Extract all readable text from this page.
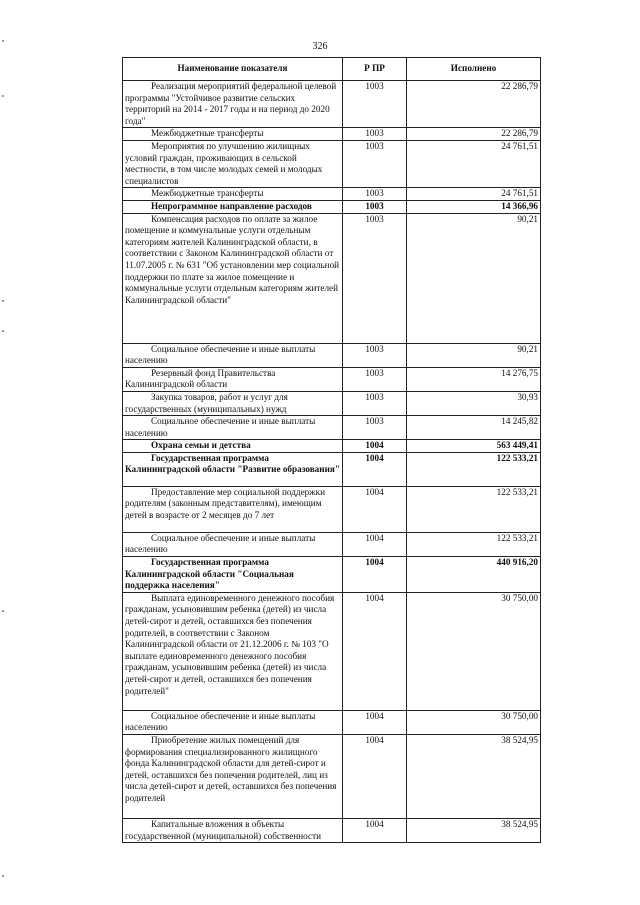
326
Наименование показателя	Р ПР	Исполнено
Реализация мероприятий федеральной целевой программы "Устойчивое развитие сельских территорий на 2014 - 2017 годы и на период до 2020 года"	1003	22 286,79
Межбюджетные трансферты	1003	22 286,79
Мероприятия по улучшению жилищных условий граждан, проживающих в сельской местности, в том числе молодых семей и молодых специалистов	1003	24 761,51
Межбюджетные трансферты	1003	24 761,51
Непрограммное направление расходов	1003	14 366,96
Компенсация расходов по оплате за жилое помещение и коммунальные услуги отдельным категориям жителей Калининградской области, в соответствии с Законом Калининградской области от 11.07.2005 г. № 631 "Об установлении мер социальной поддержки по плате за жилое помещение и коммунальные услуги отдельным категориям жителей Калининградской области"	1003	90,21
Социальное обеспечение и иные выплаты населению	1003	90,21
Резервный фонд Правительства Калининградской области	1003	14 276,75
Закупка товаров, работ и услуг для государственных (муниципальных) нужд	1003	30,93
Социальное обеспечение и иные выплаты населению	1003	14 245,82
Охрана семьи и детства	1004	563 449,41
Государственная программа Калининградской области "Развитие образования"	1004	122 533,21
Предоставление мер социальной поддержки родителям (законным представителям), имеющим детей в возрасте от 2 месяцев до 7 лет	1004	122 533,21
Социальное обеспечение и иные выплаты населению	1004	122 533,21
Государственная программа Калининградской области "Социальная поддержка населения"	1004	440 916,20
Выплата единовременного денежного пособия гражданам, усыновившим ребенка (детей) из числа детей-сирот и детей, оставшихся без попечения родителей, в соответствии с Законом Калининградской области от 21.12.2006 г. № 103 "О выплате единовременного денежного пособия гражданам, усыновившим ребенка (детей) из числа детей-сирот и детей, оставшихся без попечения родителей"	1004	30 750,00
Социальное обеспечение и иные выплаты населению	1004	30 750,00
Приобретение жилых помещений для формирования специализированного жилищного фонда Калининградской области для детей-сирот и детей, оставшихся без попечения родителей, лиц из числа детей-сирот и детей, оставшихся без попечения родителей	1004	38 524,95
Капитальные вложения в объекты государственной (муниципальной) собственности	1004	38 524,95
